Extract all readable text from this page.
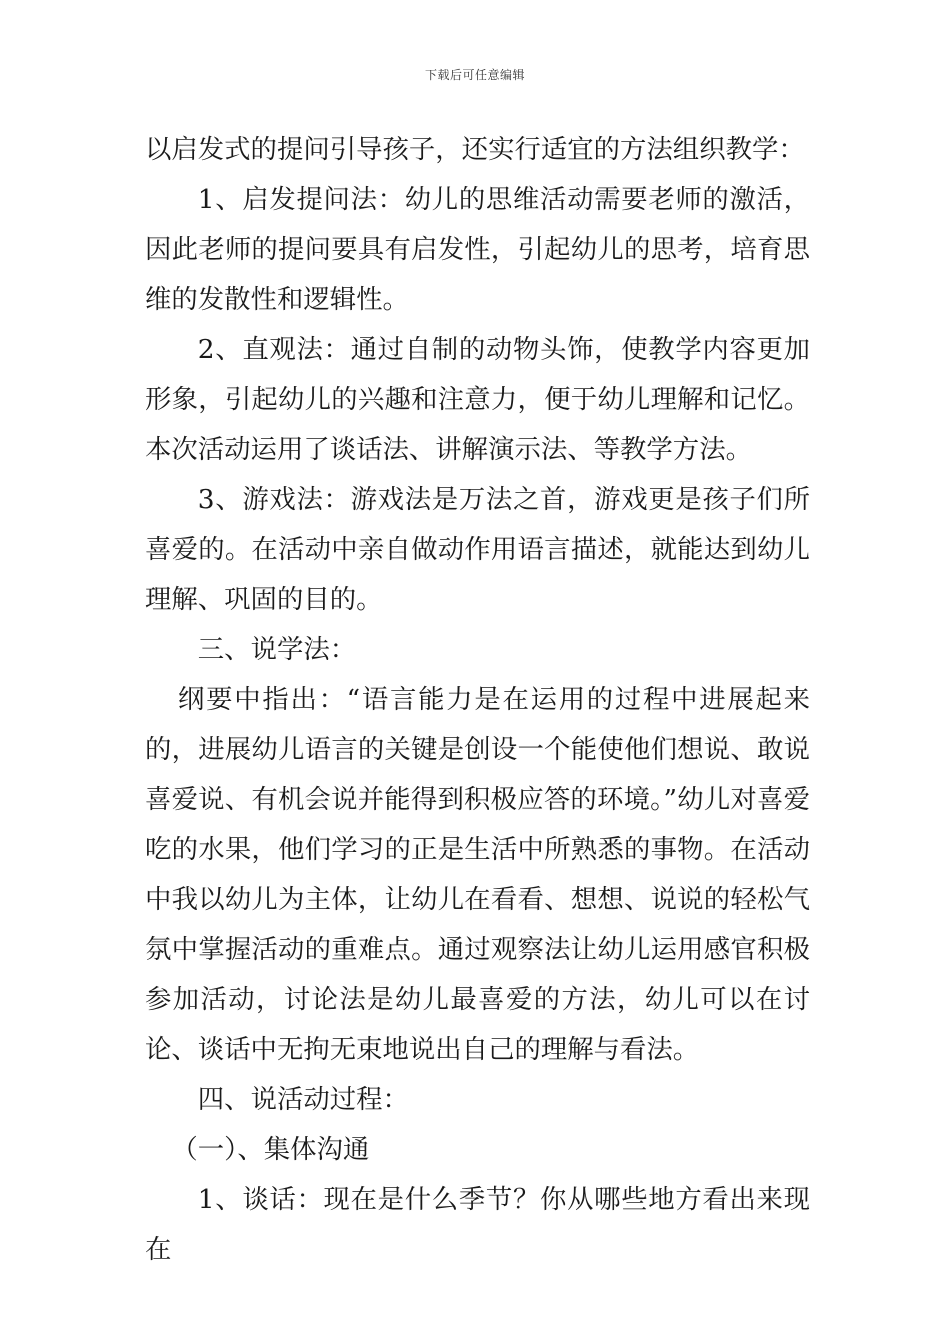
下载后可任意编辑

以启发式的提问引导孩子，还实行适宜的方法组织教学：

1、启发提问法：幼儿的思维活动需要老师的激活，因此老师的提问要具有启发性，引起幼儿的思考，培育思维的发散性和逻辑性。

2、直观法：通过自制的动物头饰，使教学内容更加形象，引起幼儿的兴趣和注意力，便于幼儿理解和记忆。本次活动运用了谈话法、讲解演示法、等教学方法。

3、游戏法：游戏法是万法之首，游戏更是孩子们所喜爱的。在活动中亲自做动作用语言描述，就能达到幼儿理解、巩固的目的。

三、说学法：

纲要中指出：“语言能力是在运用的过程中进展起来的，进展幼儿语言的关键是创设一个能使他们想说、敢说喜爱说、有机会说并能得到积极应答的环境。”幼儿对喜爱吃的水果，他们学习的正是生活中所熟悉的事物。在活动中我以幼儿为主体，让幼儿在看看、想想、说说的轻松气氛中掌握活动的重难点。通过观察法让幼儿运用感官积极参加活动，讨论法是幼儿最喜爱的方法，幼儿可以在讨论、谈话中无拘无束地说出自己的理解与看法。

四、说活动过程：

（一）、集体沟通

1、谈话：现在是什么季节？你从哪些地方看出来现在
